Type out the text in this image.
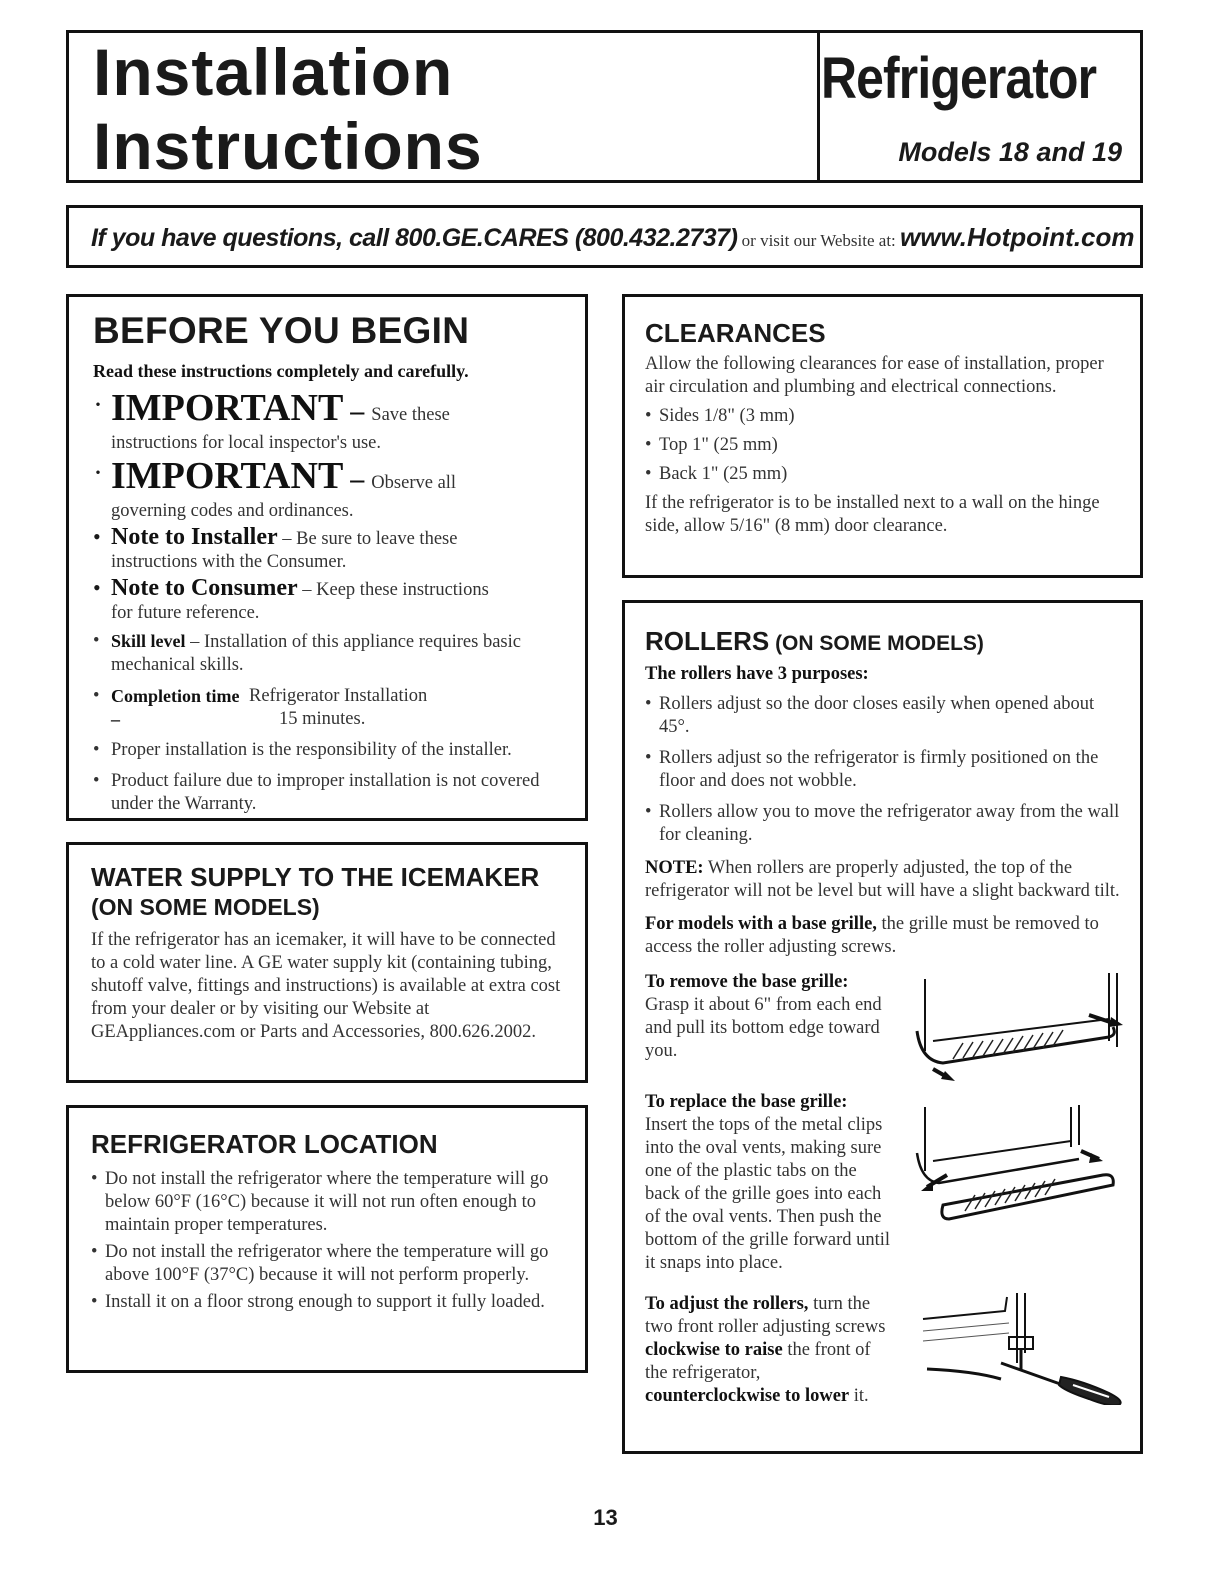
Installation
Instructions
Refrigerator
Models 18 and 19
If you have questions, call 800.GE.CARES (800.432.2737) or visit our Website at: www.Hotpoint.com
BEFORE YOU BEGIN
Read these instructions completely and carefully.
· IMPORTANT – Save these
instructions for local inspector's use.
· IMPORTANT – Observe all
governing codes and ordinances.
• Note to Installer – Be sure to leave these
instructions with the Consumer.
• Note to Consumer – Keep these instructions
for future reference.
• Skill level – Installation of this appliance requires basic mechanical skills.
• Completion time –
Refrigerator Installation
15 minutes.
• Proper installation is the responsibility of the installer.
• Product failure due to improper installation is not covered under the Warranty.
WATER SUPPLY TO THE ICEMAKER
(ON SOME MODELS)

If the refrigerator has an icemaker, it will have to be connected to a cold water line. A GE water supply kit (containing tubing, shutoff valve, fittings and instructions) is available at extra cost from your dealer or by visiting our Website at GEAppliances.com or Parts and Accessories, 800.626.2002.

REFRIGERATOR LOCATION
• Do not install the refrigerator where the temperature will go below 60°F (16°C) because it will not run often enough to maintain proper temperatures.
• Do not install the refrigerator where the temperature will go above 100°F (37°C) because it will not perform properly.
• Install it on a floor strong enough to support it fully loaded.
CLEARANCES

Allow the following clearances for ease of installation, proper air circulation and plumbing and electrical connections.

• Sides 1/8" (3 mm)
• Top 1" (25 mm)
• Back 1" (25 mm)

If the refrigerator is to be installed next to a wall on the hinge side, allow 5/16" (8 mm) door clearance.

ROLLERS (ON SOME MODELS)
The rollers have 3 purposes:
• Rollers adjust so the door closes easily when opened about 45°.
• Rollers adjust so the refrigerator is firmly positioned on the floor and does not wobble.
• Rollers allow you to move the refrigerator away from the wall for cleaning.

NOTE: When rollers are properly adjusted, the top of the refrigerator will not be level but will have a slight backward tilt.

For models with a base grille, the grille must be removed to access the roller adjusting screws.

To remove the base grille:
Grasp it about 6" from each end and pull its bottom edge toward you.
To replace the base grille:
Insert the tops of the metal clips into the oval vents, making sure one of the plastic tabs on the back of the grille goes into each of the oval vents. Then push the bottom of the grille forward until it snaps into place.
To adjust the rollers, turn the two front roller adjusting screws clockwise to raise the front of the refrigerator, counterclockwise to lower it.
13
